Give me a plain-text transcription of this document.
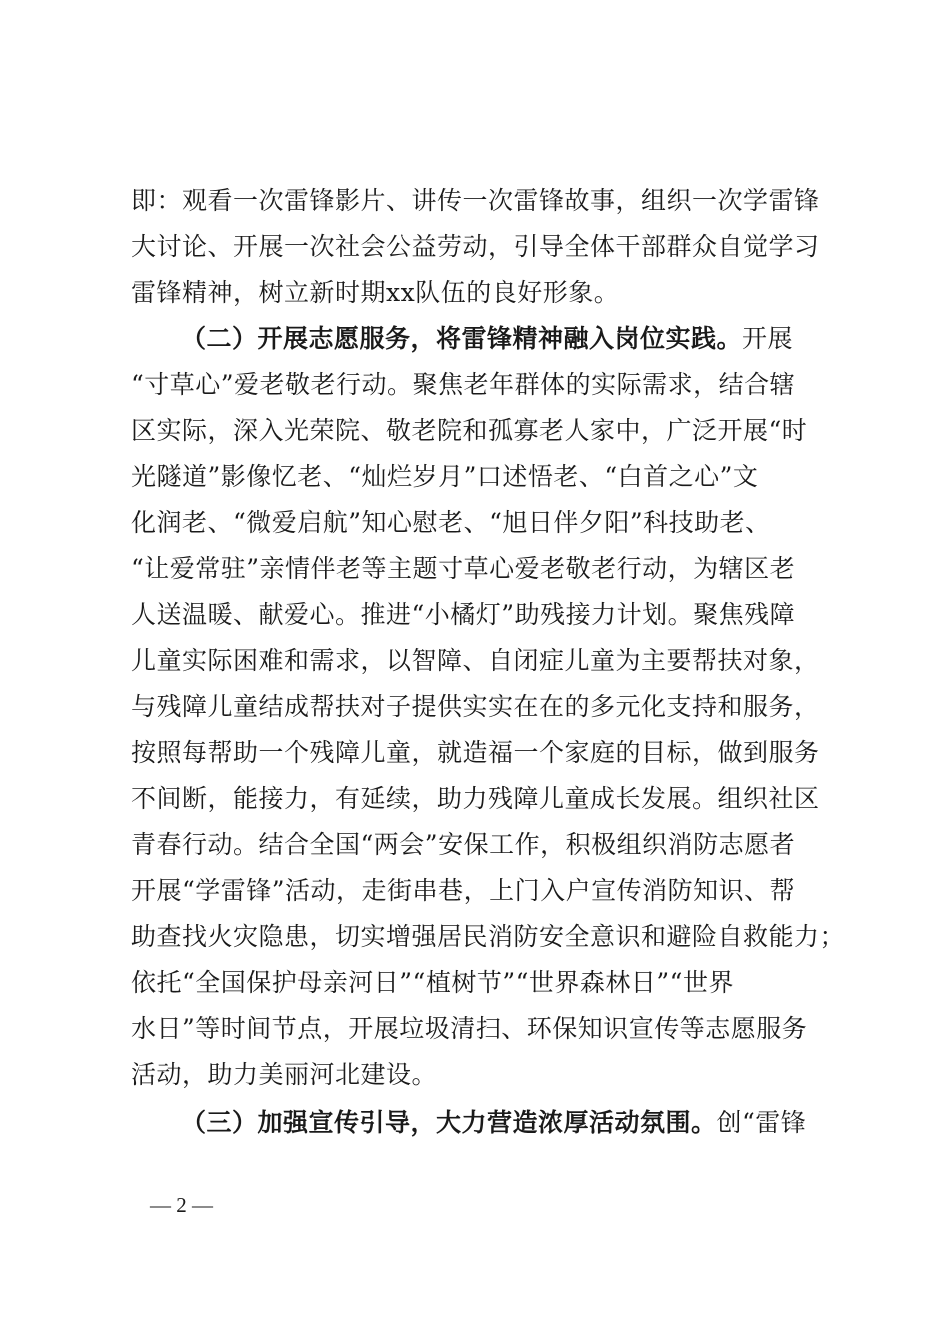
即：观看一次雷锋影片、讲传一次雷锋故事，组织一次学雷锋
大讨论、开展一次社会公益劳动，引导全体干部群众自觉学习
雷锋精神，树立新时期xx队伍的良好形象。
（二）开展志愿服务，将雷锋精神融入岗位实践。开展
“寸草心”爱老敬老行动。聚焦老年群体的实际需求，结合辖
区实际，深入光荣院、敬老院和孤寡老人家中，广泛开展“时
光隧道”影像忆老、“灿烂岁月”口述悟老、“白首之心”文
化润老、“微爱启航”知心慰老、“旭日伴夕阳”科技助老、
“让爱常驻”亲情伴老等主题寸草心爱老敬老行动，为辖区老
人送温暖、献爱心。推进“小橘灯”助残接力计划。聚焦残障
儿童实际困难和需求，以智障、自闭症儿童为主要帮扶对象，
与残障儿童结成帮扶对子提供实实在在的多元化支持和服务，
按照每帮助一个残障儿童，就造福一个家庭的目标，做到服务
不间断，能接力，有延续，助力残障儿童成长发展。组织社区
青春行动。结合全国“两会”安保工作，积极组织消防志愿者
开展“学雷锋”活动，走街串巷，上门入户宣传消防知识、帮
助查找火灾隐患，切实增强居民消防安全意识和避险自救能力；
依托“全国保护母亲河日”“植树节”“世界森林日”“世界
水日”等时间节点，开展垃圾清扫、环保知识宣传等志愿服务
活动，助力美丽河北建设。
（三）加强宣传引导，大力营造浓厚活动氛围。创“雷锋
— 2 —
